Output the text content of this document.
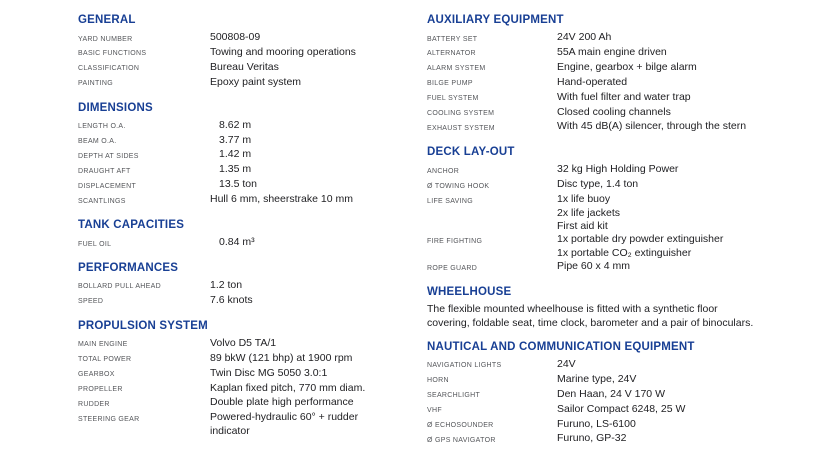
GENERAL
YARD NUMBER	500808-09
BASIC FUNCTIONS	Towing and mooring operations
CLASSIFICATION	Bureau Veritas
PAINTING	Epoxy paint system
DIMENSIONS
LENGTH O.A.	8.62 m
BEAM O.A.	3.77 m
DEPTH AT SIDES	1.42 m
DRAUGHT AFT	1.35 m
DISPLACEMENT	13.5 ton
SCANTLINGS	Hull 6 mm, sheerstrake 10 mm
TANK CAPACITIES
FUEL OIL	0.84 m³
PERFORMANCES
BOLLARD PULL AHEAD	1.2 ton
SPEED	7.6 knots
PROPULSION SYSTEM
MAIN ENGINE	Volvo D5 TA/1
TOTAL POWER	89 bkW (121 bhp) at 1900 rpm
GEARBOX	Twin Disc MG 5050 3.0:1
PROPELLER	Kaplan fixed pitch, 770 mm diam.
RUDDER	Double plate high performance
STEERING GEAR	Powered-hydraulic 60° + rudder
indicator
AUXILIARY EQUIPMENT
BATTERY SET	24V 200 Ah
ALTERNATOR	55A main engine driven
ALARM SYSTEM	Engine, gearbox + bilge alarm
BILGE PUMP	Hand-operated
FUEL SYSTEM	With fuel filter and water trap
COOLING SYSTEM	Closed cooling channels
EXHAUST SYSTEM	With 45 dB(A) silencer, through the stern
DECK LAY-OUT
ANCHOR	32 kg High Holding Power
Ø TOWING HOOK	Disc type, 1.4 ton
LIFE SAVING	1x life buoy
2x life jackets
First aid kit
FIRE FIGHTING	1x portable dry powder extinguisher
1x portable CO₂ extinguisher
ROPE GUARD	Pipe 60 x 4 mm
WHEELHOUSE
The flexible mounted wheelhouse is fitted with a synthetic floor
covering, foldable seat, time clock, barometer and a pair of binoculars.
NAUTICAL AND COMMUNICATION EQUIPMENT
NAVIGATION LIGHTS	24V
HORN	Marine type, 24V
SEARCHLIGHT	Den Haan, 24 V 170 W
VHF	Sailor Compact 6248, 25 W
Ø ECHOSOUNDER	Furuno, LS-6100
Ø GPS NAVIGATOR	Furuno, GP-32
